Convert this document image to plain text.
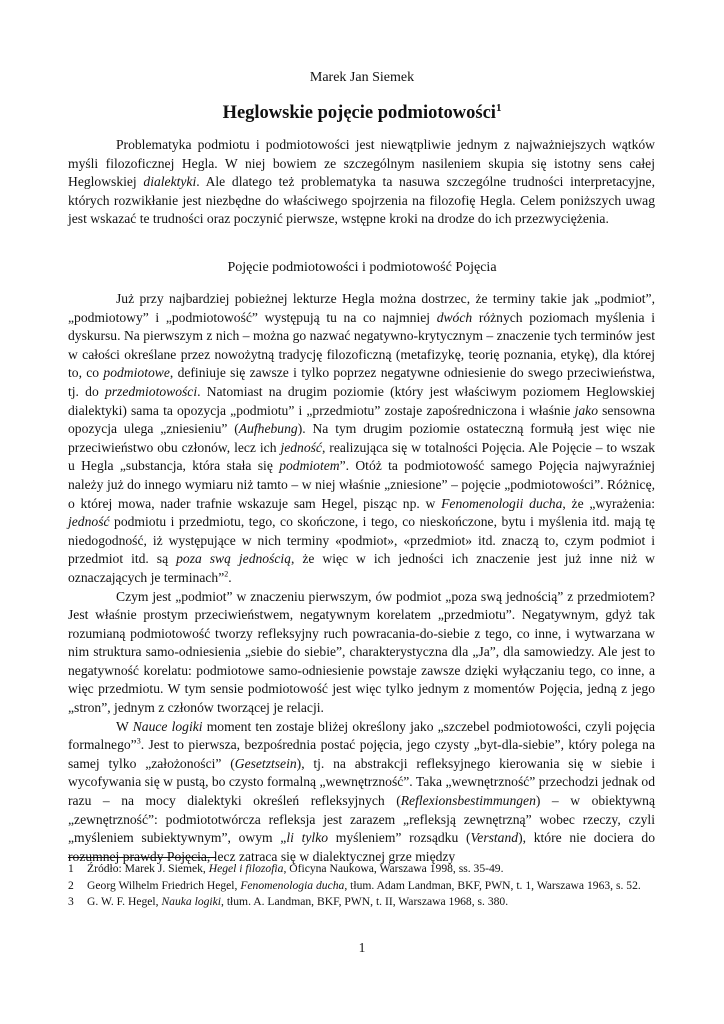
Marek Jan Siemek
Heglowskie pojęcie podmiotowości$^1$

Problematyka podmiotu i podmiotowości jest niewątpliwie jednym z najważniejszych wątków myśli filozoficznej Hegla. W niej bowiem ze szczególnym nasileniem skupia się istotny sens całej Heglowskiej dialektyki. Ale dlatego też problematyka ta nasuwa szczególne trudności interpretacyjne, których rozwikłanie jest niezbędne do właściwego spojrzenia na filozofię Hegla. Celem poniższych uwag jest wskazać te trudności oraz poczynić pierwsze, wstępne kroki na drodze do ich przezwyciężenia.

Pojęcie podmiotowości i podmiotowość Pojęcia

Już przy najbardziej pobieżnej lekturze Hegla można dostrzec, że terminy takie jak „podmiot”, „podmiotowy” i „podmiotowość” występują tu na co najmniej dwóch różnych poziomach myślenia i dyskursu. Na pierwszym z nich – można go nazwać negatywno-krytycznym – znaczenie tych terminów jest w całości określane przez nowożytną tradycję filozoficzną (metafizykę, teorię poznania, etykę), dla której to, co podmiotowe, definiuje się zawsze i tylko poprzez negatywne odniesienie do swego przeciwieństwa, tj. do przedmiotowości. Natomiast na drugim poziomie (który jest właściwym poziomem Heglowskiej dialektyki) sama ta opozycja „podmiotu” i „przedmiotu” zostaje zapośredniczona i właśnie jako sensowna opozycja ulega „zniesieniu” (Aufhebung). Na tym drugim poziomie ostateczną formułą jest więc nie przeciwieństwo obu członów, lecz ich jedność, realizująca się w totalności Pojęcia. Ale Pojęcie – to wszak u Hegla „substancja, która stała się podmiotem”. Otóż ta podmiotowość samego Pojęcia najwyraźniej należy już do innego wymiaru niż tamto – w niej właśnie „zniesione” – pojęcie „podmiotowości”. Różnicę, o której mowa, nader trafnie wskazuje sam Hegel, pisząc np. w Fenomenologii ducha, że „wyrażenia: jedność podmiotu i przedmiotu, tego, co skończone, i tego, co nieskończone, bytu i myślenia itd. mają tę niedogodność, iż występujące w nich terminy «podmiot», «przedmiot» itd. znaczą to, czym podmiot i przedmiot itd. są poza swą jednością, że więc w ich jedności ich znaczenie jest już inne niż w oznaczających je terminach”$^2$.

Czym jest „podmiot” w znaczeniu pierwszym, ów podmiot „poza swą jednością” z przedmiotem? Jest właśnie prostym przeciwieństwem, negatywnym korelatem „przedmiotu”. Negatywnym, gdyż tak rozumianą podmiotowość tworzy refleksyjny ruch powracania-do-siebie z tego, co inne, i wytwarzana w nim struktura samo-odniesienia „siebie do siebie”, charakterystyczna dla „Ja”, dla samowiedzy. Ale jest to negatywność korelatu: podmiotowe samo-odniesienie powstaje zawsze dzięki wyłączaniu tego, co inne, a więc przedmiotu. W tym sensie podmiotowość jest więc tylko jednym z momentów Pojęcia, jedną z jego „stron”, jednym z członów tworzącej je relacji.

W Nauce logiki moment ten zostaje bliżej określony jako „szczebel podmiotowości, czyli pojęcia formalnego”$^3$. Jest to pierwsza, bezpośrednia postać pojęcia, jego czysty „byt-dla-siebie”, który polega na samej tylko „założoności” (Gesetztsein), tj. na abstrakcji refleksyjnego kierowania się w siebie i wycofywania się w pustą, bo czysto formalną „wewnętrzność”. Taka „wewnętrzność” przechodzi jednak od razu – na mocy dialektyki określeń refleksyjnych (Reflexionsbestimmungen) – w obiektywną „zewnętrzność”: podmiototwórcza refleksja jest zarazem „refleksją zewnętrzną” wobec rzeczy, czyli „myśleniem subiektywnym”, owym „li tylko myśleniem” rozsądku (Verstand), które nie dociera do rozumnej prawdy Pojęcia, lecz zatraca się w dialektycznej grze między

1	Źródło: Marek J. Siemek, Hegel i filozofia, Oficyna Naukowa, Warszawa 1998, ss. 35-49.
2	Georg Wilhelm Friedrich Hegel, Fenomenologia ducha, tłum. Adam Landman, BKF, PWN, t. 1, Warszawa 1963, s. 52.
3	G. W. F. Hegel, Nauka logiki, tłum. A. Landman, BKF, PWN, t. II, Warszawa 1968, s. 380.
1
